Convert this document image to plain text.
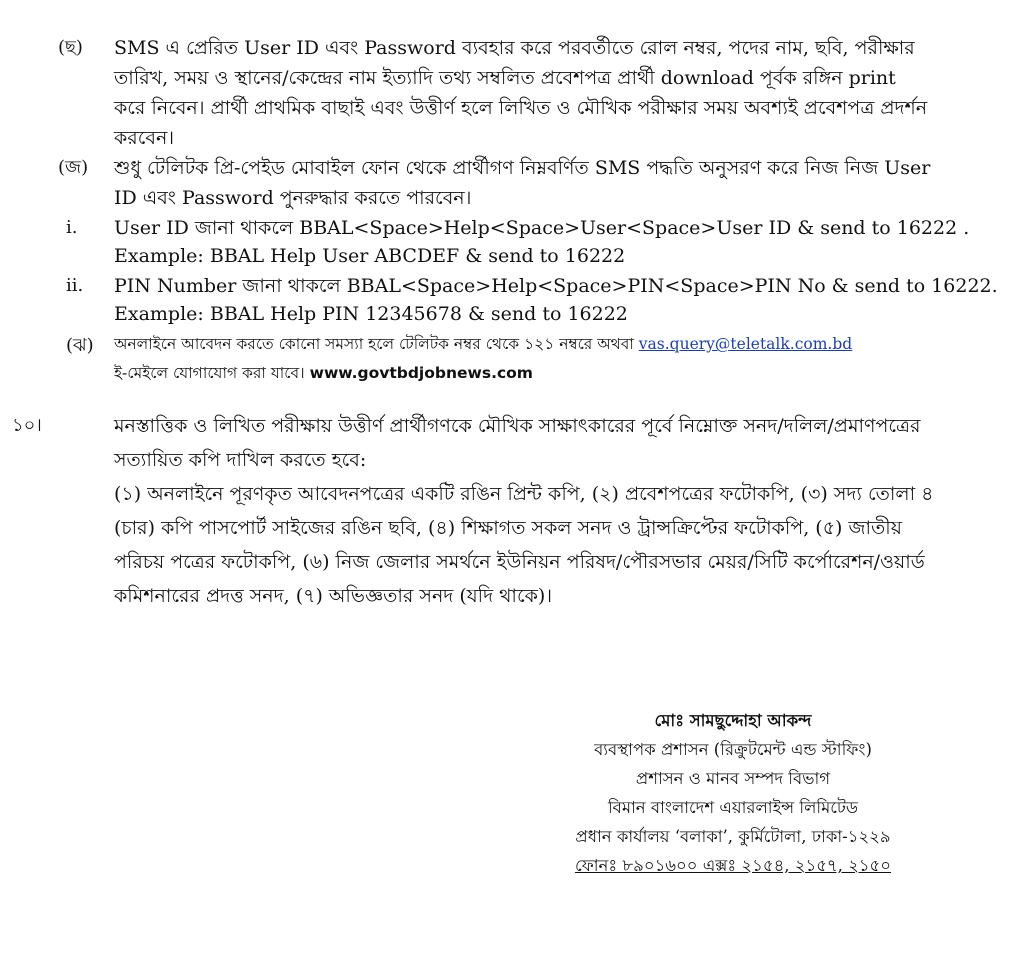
(ছ) SMS এ প্রেরিত User ID এবং Password ব্যবহার করে পরবর্তীতে রোল নম্বর, পদের নাম, ছবি, পরীক্ষার
তারিখ, সময় ও স্থানের/কেন্দ্রের নাম ইত্যাদি তথ্য সম্বলিত প্রবেশপত্র প্রার্থী download পূর্বক রঙ্গিন print
করে নিবেন। প্রার্থী প্রাথমিক বাছাই এবং উত্তীর্ণ হলে লিখিত ও মৌখিক পরীক্ষার সময় অবশ্যই প্রবেশপত্র প্রদর্শন
করবেন।
(জ) শুধু টেলিটক প্রি-পেইড মোবাইল ফোন থেকে প্রার্থীগণ নিম্নবর্ণিত SMS পদ্ধতি অনুসরণ করে নিজ নিজ User
ID এবং Password পুনরুদ্ধার করতে পারবেন।
i. User ID জানা থাকলে BBAL<Space>Help<Space>User<Space>User ID & send to 16222 .
Example: BBAL Help User ABCDEF & send to 16222
ii. PIN Number জানা থাকলে BBAL<Space>Help<Space>PIN<Space>PIN No & send to 16222.
Example: BBAL Help PIN 12345678 & send to 16222
(ঝ) অনলাইনে আবেদন করতে কোনো সমস্যা হলে টেলিটক নম্বর থেকে ১২১ নম্বরে অথবা vas.query@teletalk.com.bd
ই-মেইলে যোগাযোগ করা যাবে। www.govtbdjobnews.com
১০।	মনস্তাত্তিক ও লিখিত পরীক্ষায় উত্তীর্ণ প্রার্থীগণকে মৌখিক সাক্ষাৎকারের পূর্বে নিম্নোক্ত সনদ/দলিল/প্রমাণপত্রের
সত্যায়িত কপি দাখিল করতে হবে:
(১) অনলাইনে পূরণকৃত আবেদনপত্রের একটি রঙিন প্রিন্ট কপি, (২) প্রবেশপত্রের ফটোকপি, (৩) সদ্য তোলা ৪
(চার) কপি পাসপোর্ট সাইজের রঙিন ছবি, (৪) শিক্ষাগত সকল সনদ ও ট্রান্সক্রিপ্টের ফটোকপি, (৫) জাতীয়
পরিচয় পত্রের ফটোকপি, (৬) নিজ জেলার সমর্থনে ইউনিয়ন পরিষদ/পৌরসভার মেয়র/সিটি কর্পোরেশন/ওয়ার্ড
কমিশনারের প্রদত্ত সনদ, (৭) অভিজ্ঞতার সনদ (যদি থাকে)।
মোঃ সামছুদ্দোহা আকন্দ
ব্যবস্থাপক প্রশাসন (রিক্রুটমেন্ট এন্ড স্টাফিং)
প্রশাসন ও মানব সম্পদ বিভাগ
বিমান বাংলাদেশ এয়ারলাইন্স লিমিটেড
প্রধান কার্যালয় ‘বলাকা’, কুর্মিটোলা, ঢাকা-১২২৯
ফোনঃ ৮৯০১৬০০ এক্সঃ ২১৫৪, ২১৫৭, ২১৫০
